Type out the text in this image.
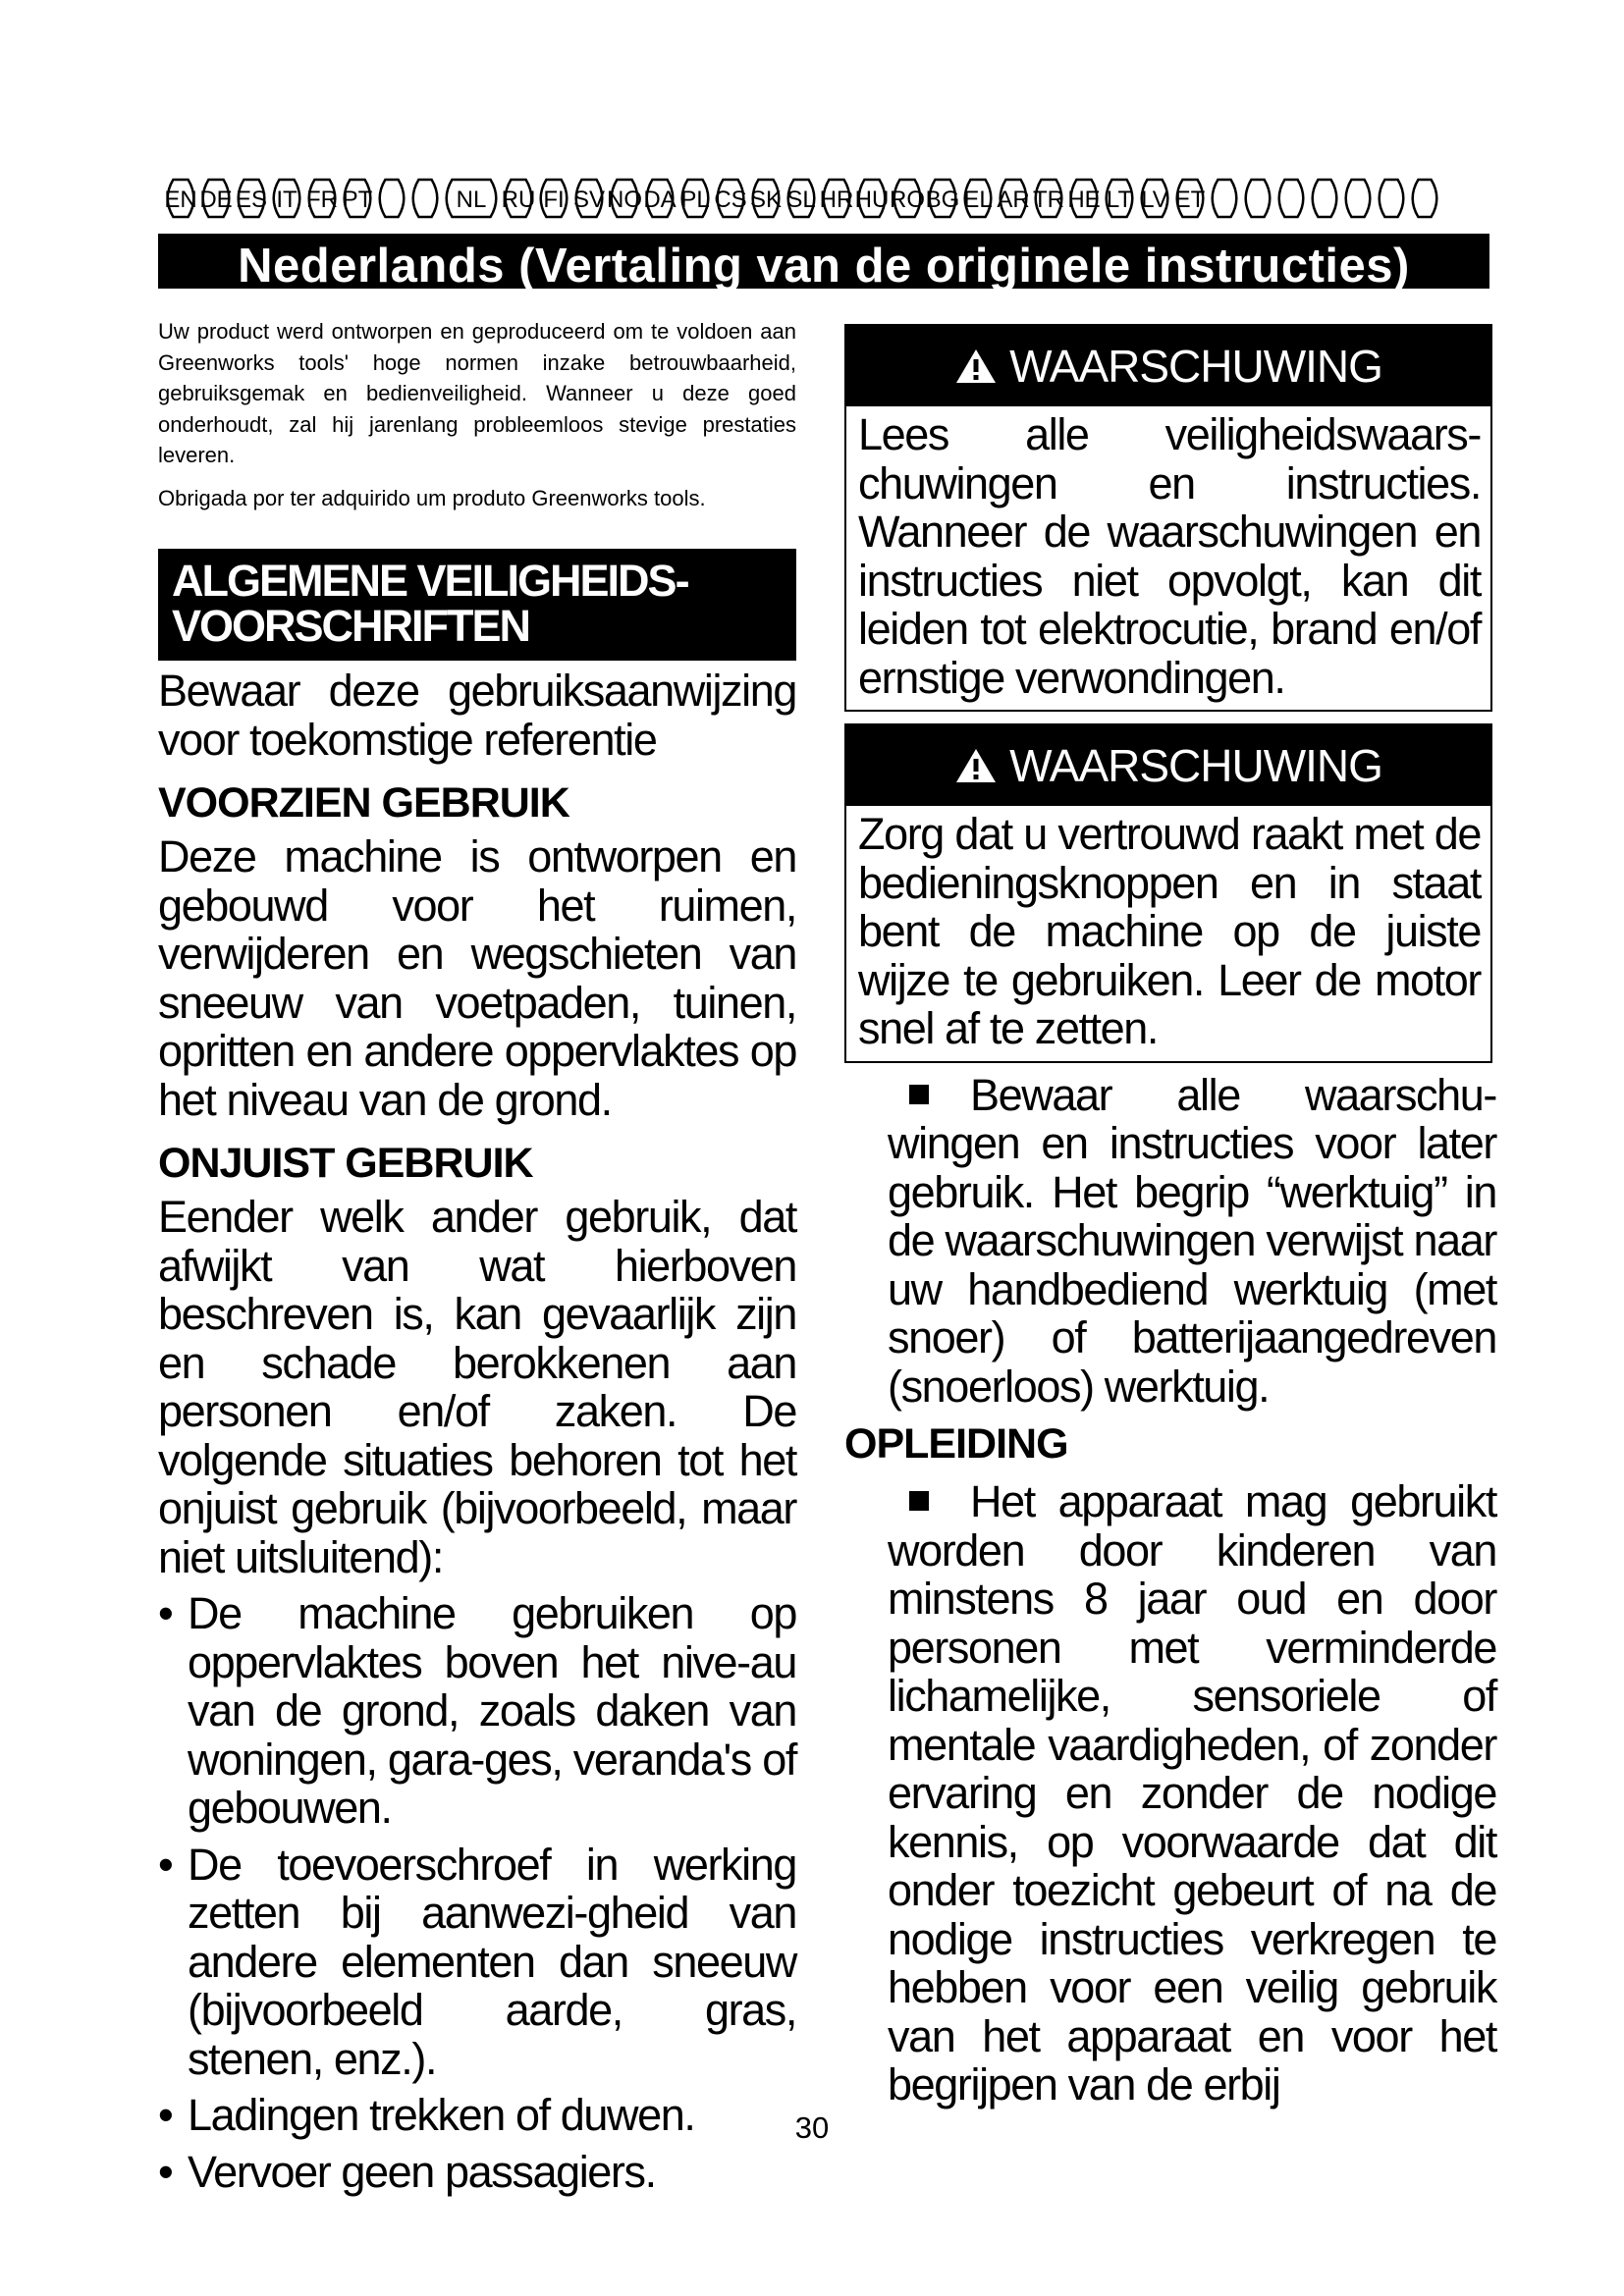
EN DE ES IT FR PT	NL RU FI SV NO DA PL CS SK SL HR HU RO BG EL AR TR HE LT LV ET
Nederlands (Vertaling van de originele instructies)

Uw product werd ontworpen en geproduceerd om te voldoen aan Greenworks tools' hoge normen inzake betrouwbaarheid, gebruiksgemak en bedienveiligheid. Wanneer u deze goed onderhoudt, zal hij jarenlang probleemloos stevige prestaties leveren.

Obrigada por ter adquirido um produto Greenworks tools.

ALGEMENE VEILIGHEIDS-VOORSCHRIFTEN

Bewaar deze gebruiksaanwijzing voor toekomstige referentie

VOORZIEN GEBRUIK

Deze machine is ontworpen en gebouwd voor het ruimen, verwijderen en wegschieten van sneeuw van voetpaden, tuinen, opritten en andere oppervlaktes op het niveau van de grond.

ONJUIST GEBRUIK

Eender welk ander gebruik, dat afwijkt van wat hierboven beschreven is, kan gevaarlijk zijn en schade berokkenen aan personen en/of zaken. De volgende situaties behoren tot het onjuist gebruik (bijvoorbeeld, maar niet uitsluitend):

• De machine gebruiken op oppervlaktes boven het nive-au van de grond, zoals daken van woningen, gara-ges, veranda's of gebouwen.
• De toevoerschroef in werking zetten bij aanwezi-gheid van andere elementen dan sneeuw (bijvoorbeeld aarde, gras, stenen, enz.).
• Ladingen trekken of duwen.
• Vervoer geen passagiers.
WAARSCHUWING
Lees alle veiligheidswaars-chuwingen en instructies. Wanneer de waarschuwingen en instructies niet opvolgt, kan dit leiden tot elektrocutie, brand en/of ernstige verwondingen.
WAARSCHUWING
Zorg dat u vertrouwd raakt met de bedieningsknoppen en in staat bent de machine op de juiste wijze te gebruiken. Leer de motor snel af te zetten.
Bewaar alle waarschu-wingen en instructies voor later gebruik. Het begrip “werktuig” in de waarschuwingen verwijst naar uw handbediend werktuig (met snoer) of batterijaangedreven (snoerloos) werktuig.
OPLEIDING
Het apparaat mag gebruikt worden door kinderen van minstens 8 jaar oud en door personen met verminderde lichamelijke, sensoriele of mentale vaardigheden, of zonder ervaring en zonder de nodige kennis, op voorwaarde dat dit onder toezicht gebeurt of na de nodige instructies verkregen te hebben voor een veilig gebruik van het apparaat en voor het begrijpen van de erbij
30
